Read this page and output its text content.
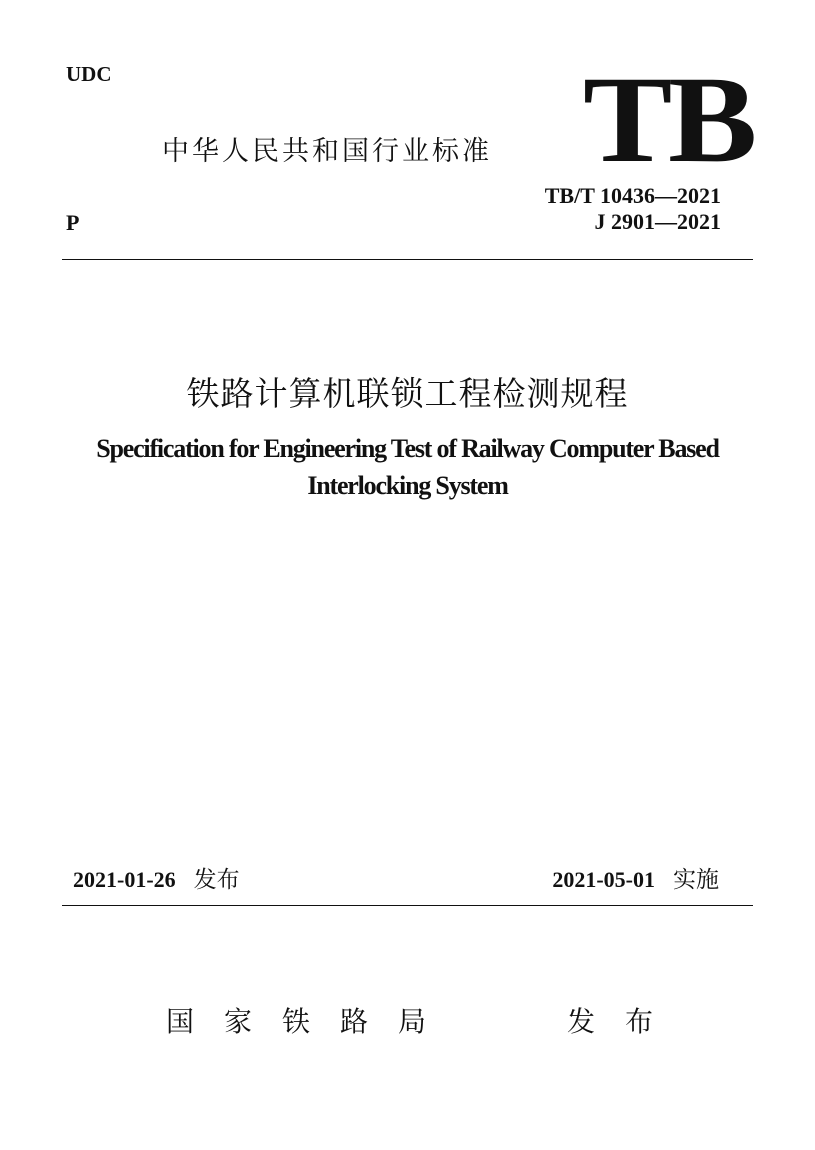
UDC	TB
中华人民共和国行业标准
P
TB/T 10436—2021
J 2901—2021
铁路计算机联锁工程检测规程
Specification for Engineering Test of Railway Computer Based
Interlocking System
2021-01-26 发布	2021-05-01 实施
国家铁路局	发布
